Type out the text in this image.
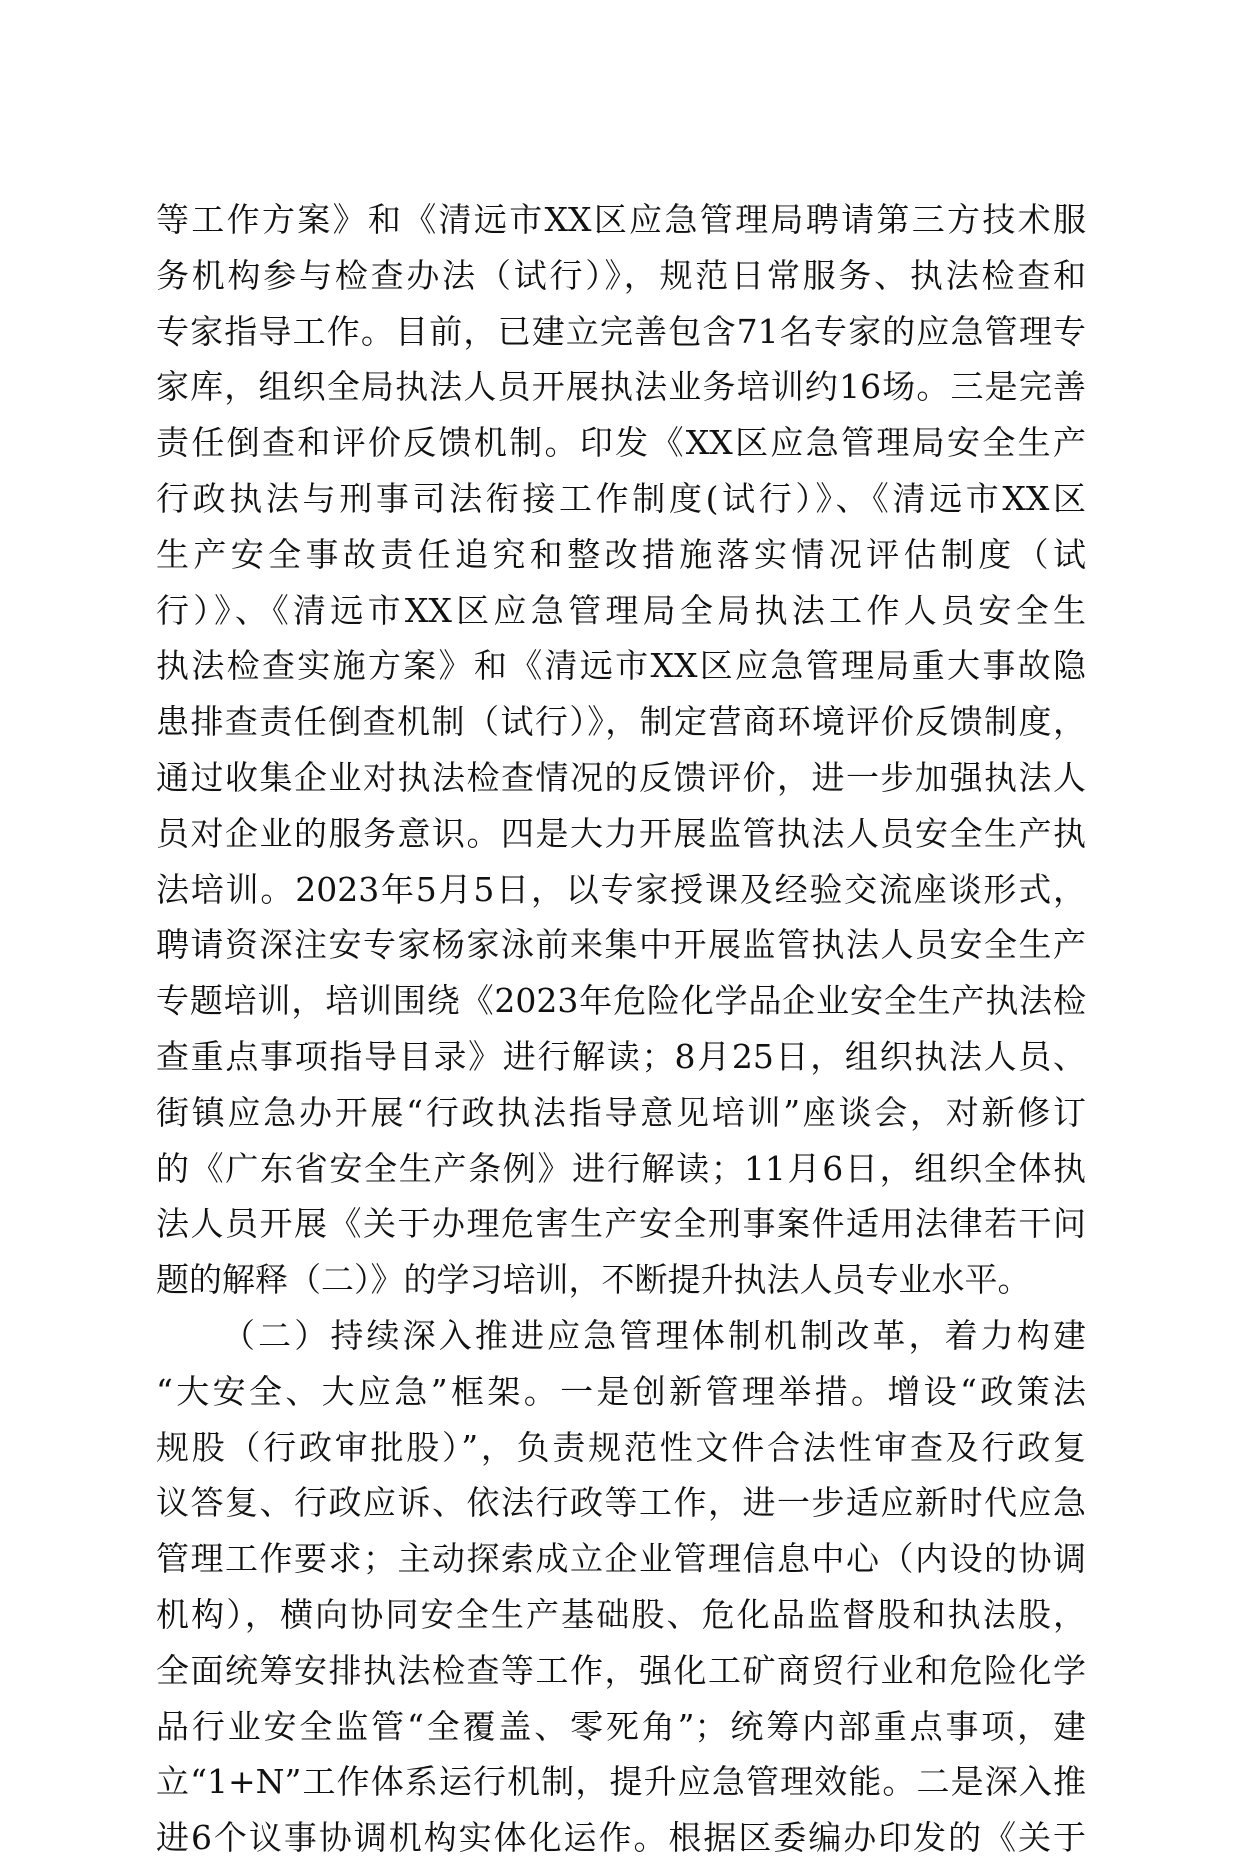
等工作方案》和《清远市XX区应急管理局聘请第三方技术服
务机构参与检查办法（试行）》，规范日常服务、执法检查和
专家指导工作。目前，已建立完善包含71名专家的应急管理专
家库，组织全局执法人员开展执法业务培训约16场。三是完善
责任倒查和评价反馈机制。印发《XX区应急管理局安全生产
行政执法与刑事司法衔接工作制度(试行）》、《清远市XX区
生产安全事故责任追究和整改措施落实情况评估制度（试
行）》、《清远市XX区应急管理局全局执法工作人员安全生
执法检查实施方案》和《清远市XX区应急管理局重大事故隐
患排查责任倒查机制（试行）》，制定营商环境评价反馈制度，
通过收集企业对执法检查情况的反馈评价，进一步加强执法人
员对企业的服务意识。四是大力开展监管执法人员安全生产执
法培训。2023年5月5日，以专家授课及经验交流座谈形式，
聘请资深注安专家杨家泳前来集中开展监管执法人员安全生产
专题培训，培训围绕《2023年危险化学品企业安全生产执法检
查重点事项指导目录》进行解读；8月25日，组织执法人员、
街镇应急办开展“行政执法指导意见培训”座谈会，对新修订
的《广东省安全生产条例》进行解读；11月6日，组织全体执
法人员开展《关于办理危害生产安全刑事案件适用法律若干问
题的解释（二）》的学习培训，不断提升执法人员专业水平。
（二）持续深入推进应急管理体制机制改革，着力构建
“大安全、大应急”框架。一是创新管理举措。增设“政策法
规股（行政审批股）”，负责规范性文件合法性审查及行政复
议答复、行政应诉、依法行政等工作，进一步适应新时代应急
管理工作要求；主动探索成立企业管理信息中心（内设的协调
机构），横向协同安全生产基础股、危化品监督股和执法股，
全面统筹安排执法检查等工作，强化工矿商贸行业和危险化学
品行业安全监管“全覆盖、零死角”；统筹内部重点事项，建
立“1+N”工作体系运行机制，提升应急管理效能。二是深入推
进6个议事协调机构实体化运作。根据区委编办印发的《关于
